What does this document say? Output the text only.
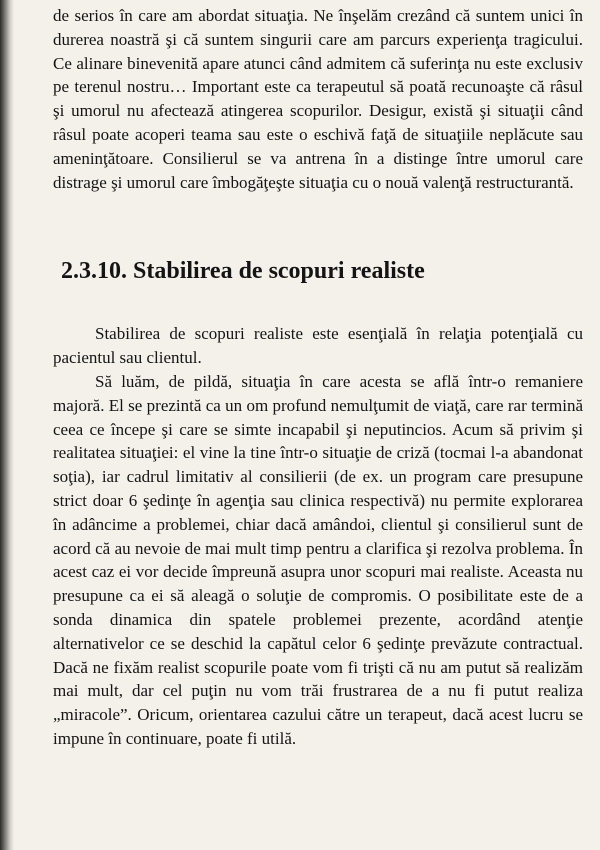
de serios în care am abordat situaţia. Ne înşelăm crezând că suntem unici în durerea noastră şi că suntem singurii care am parcurs experienţa tragicului. Ce alinare binevenită apare atunci când admitem că suferinţa nu este exclusiv pe terenul nostru… Important este ca terapeutul să poată recunoaşte că râsul şi umorul nu afectează atingerea scopurilor. Desigur, există şi situaţii când râsul poate acoperi teama sau este o eschivă faţă de situaţiile neplăcute sau ameninţătoare. Consilierul se va antrena în a distinge între umorul care distrage şi umorul care îmbogăţeşte situaţia cu o nouă valenţă restructurantă.

2.3.10. Stabilirea de scopuri realiste

Stabilirea de scopuri realiste este esenţială în relaţia potenţială cu pacientul sau clientul.

Să luăm, de pildă, situaţia în care acesta se află într-o remaniere majoră. El se prezintă ca un om profund nemulţumit de viaţă, care rar termină ceea ce începe şi care se simte incapabil şi neputincios. Acum să privim şi realitatea situaţiei: el vine la tine într-o situaţie de criză (tocmai l-a abandonat soţia), iar cadrul limitativ al consilierii (de ex. un program care presupune strict doar 6 şedinţe în agenţia sau clinica respectivă) nu permite explorarea în adâncime a problemei, chiar dacă amândoi, clientul şi consilierul sunt de acord că au nevoie de mai mult timp pentru a clarifica şi rezolva problema. În acest caz ei vor decide împreună asupra unor scopuri mai realiste. Aceasta nu presupune ca ei să aleagă o soluţie de compromis. O posibilitate este de a sonda dinamica din spatele problemei prezente, acordând atenţie alternativelor ce se deschid la capătul celor 6 şedinţe prevăzute contractual. Dacă ne fixăm realist scopurile poate vom fi trişti că nu am putut să realizăm mai mult, dar cel puţin nu vom trăi frustrarea de a nu fi putut realiza „miracole”. Oricum, orientarea cazului către un terapeut, dacă acest lucru se impune în continuare, poate fi utilă.
